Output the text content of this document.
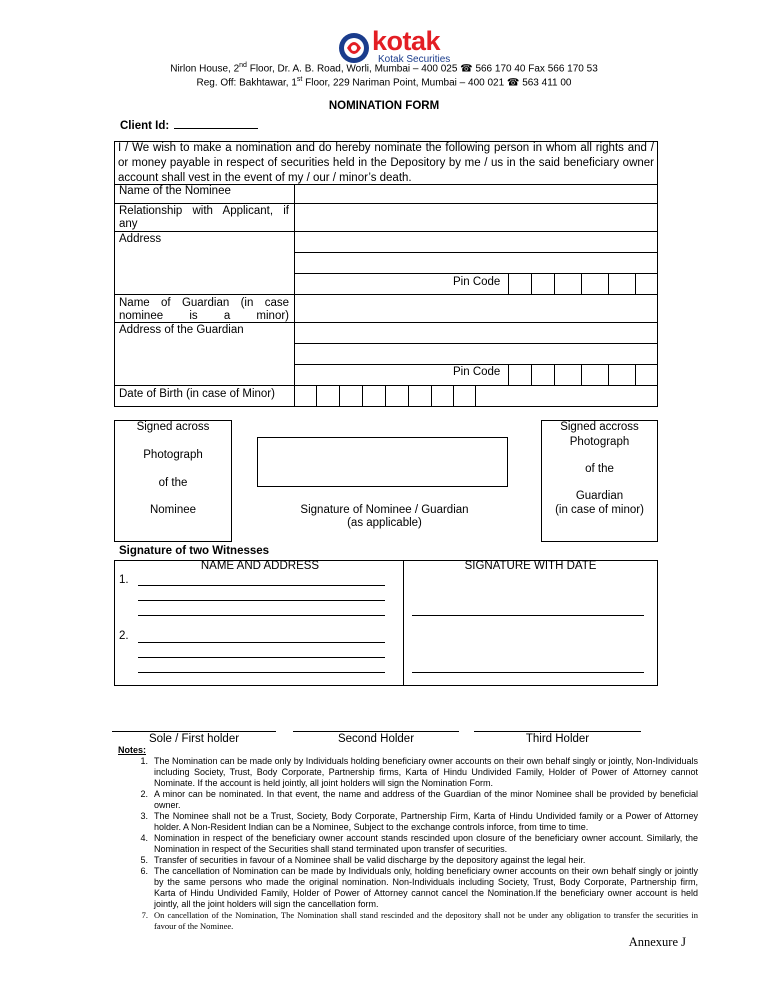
kotak
Kotak Securities
Nirlon House, 2nd Floor, Dr. A. B. Road, Worli, Mumbai – 400 025 ☎ 566 170 40 Fax 566 170 53
Reg. Off: Bakhtawar, 1st Floor, 229 Nariman Point, Mumbai – 400 021 ☎ 563 411 00
NOMINATION FORM
Client Id:
I / We wish to make a nomination and do hereby nominate the following person in whom all rights and / or money payable in respect of securities held in the Depository by me / us in the said beneficiary owner account shall vest in the event of my / our / minor’s death.
Name of the Nominee
Relationship with Applicant, if any
Address
Pin Code
Name of Guardian (in case nominee is a minor)
Address of the Guardian
Pin Code
Date of Birth (in case of Minor)
Signed across
Photograph
of the
Nominee	Signature of Nominee / Guardian
(as applicable)
Signed accross
Photograph
of the
Guardian
(in case of minor)
Signature of two Witnesses
NAME AND ADDRESS	SIGNATURE WITH DATE
1.
2.
Sole / First holder	Second Holder	Third Holder
Notes:
1. The Nomination can be made only by Individuals holding beneficiary owner accounts on their own behalf singly or jointly, Non-Individuals including Society, Trust, Body Corporate, Partnership firms, Karta of Hindu Undivided Family, Holder of Power of Attorney cannot Nominate. If the account is held jointly, all joint holders will sign the Nomination Form.
2. A minor can be nominated. In that event, the name and address of the Guardian of the minor Nominee shall be provided by beneficial owner.
3. The Nominee shall not be a Trust, Society, Body Corporate, Partnership Firm, Karta of Hindu Undivided family or a Power of Attorney holder. A Non-Resident Indian can be a Nominee, Subject to the exchange controls inforce, from time to time.
4. Nomination in respect of the beneficiary owner account stands rescinded upon closure of the beneficiary owner account. Similarly, the Nomination in respect of the Securities shall stand terminated upon transfer of securities.
5. Transfer of securities in favour of a Nominee shall be valid discharge by the depository against the legal heir.
6. The cancellation of Nomination can be made by Individuals only, holding beneficiary owner accounts on their own behalf singly or jointly by the same persons who made the original nomination. Non-Individuals including Society, Trust, Body Corporate, Partnership firm, Karta of Hindu Undivided Family, Holder of Power of Attorney cannot cancel the Nomination.If the beneficiary owner account is held jointly, all the joint holders will sign the cancellation form.
7. On cancellation of the Nomination, The Nomination shall stand rescinded and the depository shall not be under any obligation to transfer the securities in favour of the Nominee.
Annexure J
